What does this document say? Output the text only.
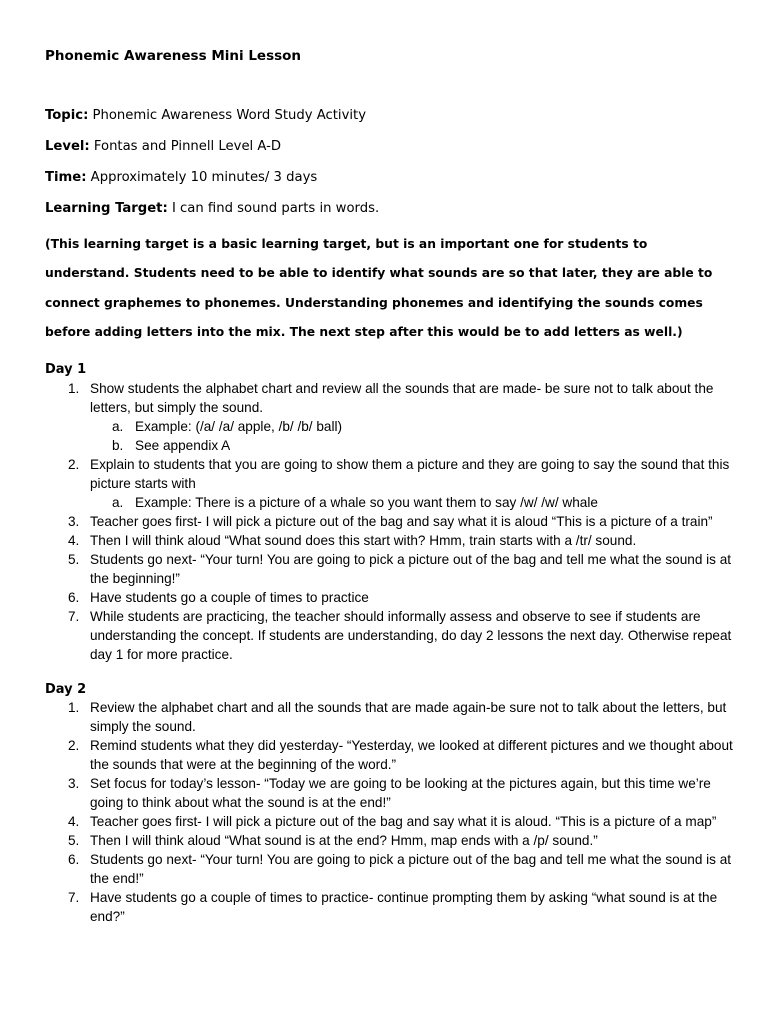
Phonemic Awareness Mini Lesson
Topic: Phonemic Awareness Word Study Activity
Level: Fontas and Pinnell Level A-D
Time: Approximately 10 minutes/ 3 days
Learning Target: I can find sound parts in words.
(This learning target is a basic learning target, but is an important one for students to understand. Students need to be able to identify what sounds are so that later, they are able to connect graphemes to phonemes. Understanding phonemes and identifying the sounds comes before adding letters into the mix. The next step after this would be to add letters as well.)
Day 1
1. Show students the alphabet chart and review all the sounds that are made- be sure not to talk about the letters, but simply the sound.
a. Example: (/a/ /a/ apple, /b/ /b/ ball)
b. See appendix A
2. Explain to students that you are going to show them a picture and they are going to say the sound that this picture starts with
a. Example: There is a picture of a whale so you want them to say /w/ /w/ whale
3. Teacher goes first- I will pick a picture out of the bag and say what it is aloud “This is a picture of a train”
4. Then I will think aloud “What sound does this start with? Hmm, train starts with a /tr/ sound.
5. Students go next- “Your turn! You are going to pick a picture out of the bag and tell me what the sound is at the beginning!”
6. Have students go a couple of times to practice
7. While students are practicing, the teacher should informally assess and observe to see if students are understanding the concept. If students are understanding, do day 2 lessons the next day. Otherwise repeat day 1 for more practice.
Day 2
1. Review the alphabet chart and all the sounds that are made again-be sure not to talk about the letters, but simply the sound.
2. Remind students what they did yesterday- “Yesterday, we looked at different pictures and we thought about the sounds that were at the beginning of the word.”
3. Set focus for today’s lesson- “Today we are going to be looking at the pictures again, but this time we’re going to think about what the sound is at the end!”
4. Teacher goes first- I will pick a picture out of the bag and say what it is aloud. “This is a picture of a map”
5. Then I will think aloud “What sound is at the end? Hmm, map ends with a /p/ sound.”
6. Students go next- “Your turn! You are going to pick a picture out of the bag and tell me what the sound is at the end!”
7. Have students go a couple of times to practice- continue prompting them by asking “what sound is at the end?”
